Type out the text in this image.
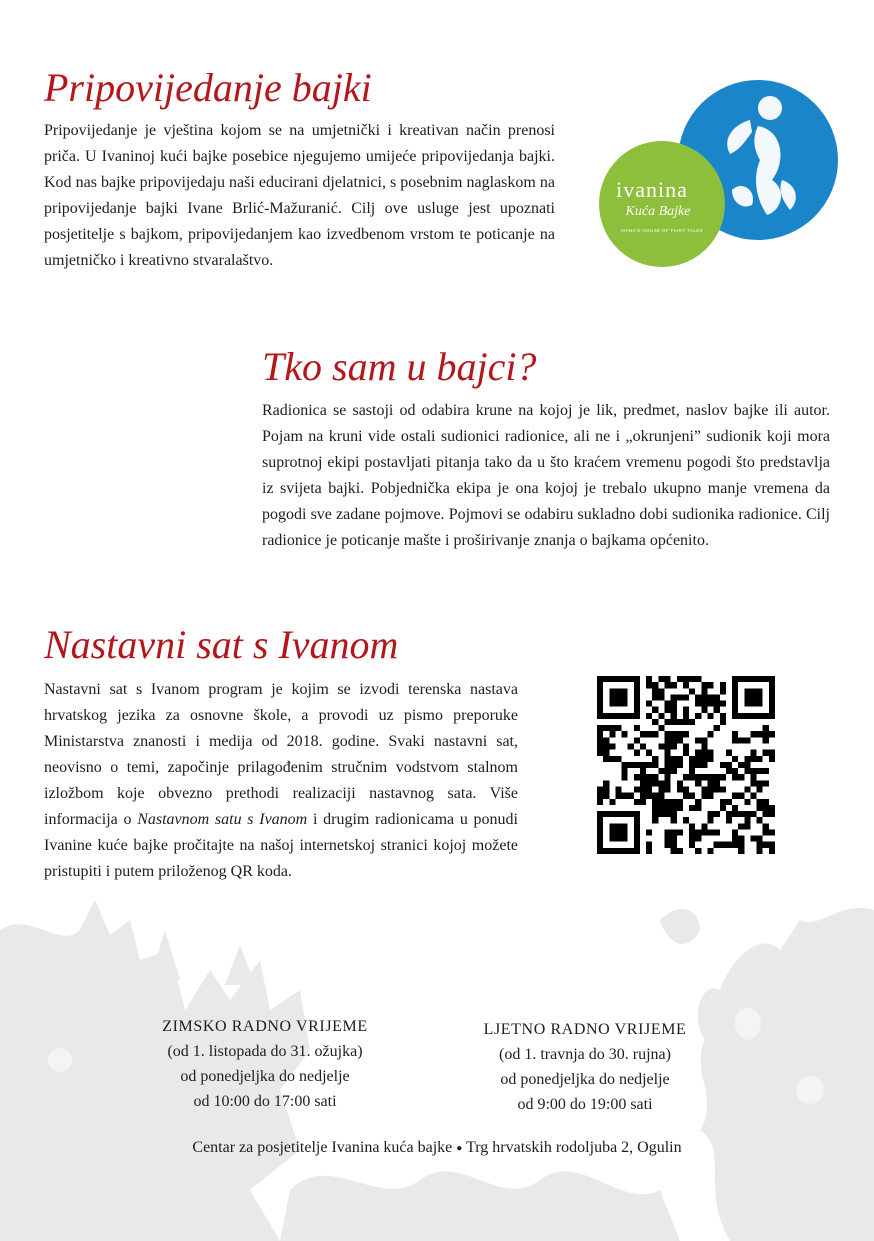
Pripovijedanje bajki

Pripovijedanje je vještina kojom se na umjetnički i kreativan način prenosi priča. U Ivaninoj kući bajke posebice njegujemo umijeće pripovijedanja bajki. Kod nas bajke pripovijedaju naši educirani djelatnici, s posebnim naglaskom na pripovijedanje bajki Ivane Brlić-Mažuranić. Cilj ove usluge jest upoznati posjetitelje s bajkom, pripovijedanjem kao izvedbenom vrstom te poticanje na umjetničko i kreativno stvaralaštvo.

ivanina
Kuća Bajke
IVANA'S HOUSE OF FAIRY TALES
Tko sam u bajci?

Radionica se sastoji od odabira krune na kojoj je lik, predmet, naslov bajke ili autor. Pojam na kruni vide ostali sudionici radionice, ali ne i „okrunjeni” sudionik koji mora suprotnoj ekipi postavljati pitanja tako da u što kraćem vremenu pogodi što predstavlja iz svijeta bajki. Pobjednička ekipa je ona kojoj je trebalo ukupno manje vremena da pogodi sve zadane pojmove. Pojmovi se odabiru sukladno dobi sudionika radionice. Cilj radionice je poticanje mašte i proširivanje znanja o bajkama općenito.

Nastavni sat s Ivanom

Nastavni sat s Ivanom program je kojim se izvodi terenska nastava hrvatskog jezika za osnovne škole, a provodi uz pismo preporuke Ministarstva znanosti i medija od 2018. godine. Svaki nastavni sat, neovisno o temi, započinje prilagođenim stručnim vodstvom stalnom izložbom koje obvezno prethodi realizaciji nastavnog sata. Više informacija o Nastavnom satu s Ivanom i drugim radionicama u ponudi Ivanine kuće bajke pročitajte na našoj internetskoj stranici kojoj možete pristupiti i putem priloženog QR koda.

ZIMSKO RADNO VRIJEME
(od 1. listopada do 31. ožujka)
od ponedjeljka do nedjelje
od 10:00 do 17:00 sati
LJETNO RADNO VRIJEME
(od 1. travnja do 30. rujna)
od ponedjeljka do nedjelje
od 9:00 do 19:00 sati
Centar za posjetitelje Ivanina kuća bajke ● Trg hrvatskih rodoljuba 2, Ogulin
